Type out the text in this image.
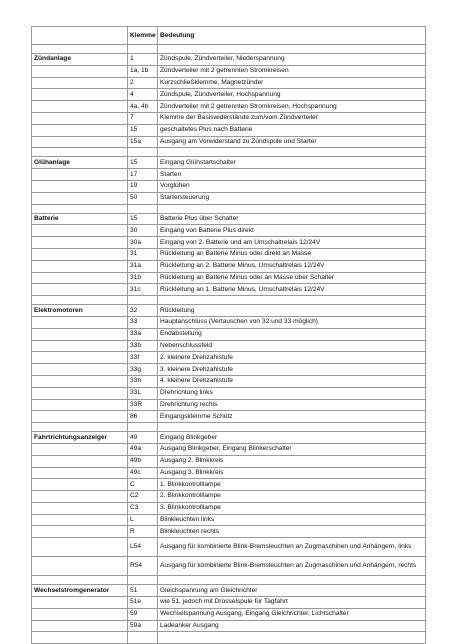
	Klemme	Bedeutung

Zündanlage	1	Zündspule, Zündverteiler, Niederspannung
	1a, 1b	Zündverteiler mit 2 getrennten Stromkreisen
	2	Kurzschließklemme, Magnetzünder
	4	Zündspule, Zündverteiler, Hochspannung
	4a, 4b	Zündverteiler mit 2 getrennten Stromkreisen, Hochspannung
	7	Klemme der Basiswiderstände zum/vom Zündverteiler
	15	geschaltetes Plus nach Batterie
	15a	Ausgang am Vorwiderstand zu Zündspule und Starter

Glühanlage	15	Eingang Glühstartschalter
	17	Starten
	19	Vorglühen
	50	Startersteuerung

Batterie	15	Batterie Plus über Schalter
	30	Eingang von Batterie Plus direkt
	30a	Eingang von 2. Batterie und am Umschaltrelais 12/24V
	31	Rückleitung an Batterie Minus oder direkt an Masse
	31a	Rückleitung an 2. Batterie Minus, Umschaltrelais 12/24V
	31b	Rückleitung an Batterie Minus oder an Masse über Schalter
	31c	Rückleitung an 1. Batterie Minus, Umschaltrelais 12/24V

Elektromotoren	32	Rückleitung
	33	Hauptanschluss (Vertauschen von 32 und 33 möglich)
	33a	Endabstellung
	33b	Nebenschlussfeld
	33f	2. kleinere Drehzahlstufe
	33g	3. kleinere Drehzahlstufe
	33h	4. kleinere Drehzahlstufe
	33L	Drehrichtung links
	33R	Drehrichtung rechts
	86	Eingangsklemme Schütz

Fahrtrichtungsanzeiger	49	Eingang Blinkgeber
	49a	Ausgang Blinkgeber, Eingang Blinkerschalter
	49b	Ausgang 2. Blinkkreis
	49c	Ausgang 3. Blinkkreis
	C	1. Blinkkontrolllampe
	C2	2. Blinkkontrolllampe
	C3	3. Blinkkontrolllampe
	L	Blinkleuchten links
	R	Blinkleuchten rechts
	L54	Ausgang für kombinierte Blink-Bremsleuchten an Zugmaschinen und Anhängern, links
	R54	Ausgang für kombinierte Blink-Bremsleuchten an Zugmaschinen und Anhängern, rechts

Wechselstromgenerator	51	Gleichspannung am Gleichrichter
	51e	wie 51, jedoch mit Drosselspule für Tagfahrt
	59	Wechselspannung Ausgang, Eingang Gleichrichter, Lichtschalter
	59a	Ladeanker Ausgang
